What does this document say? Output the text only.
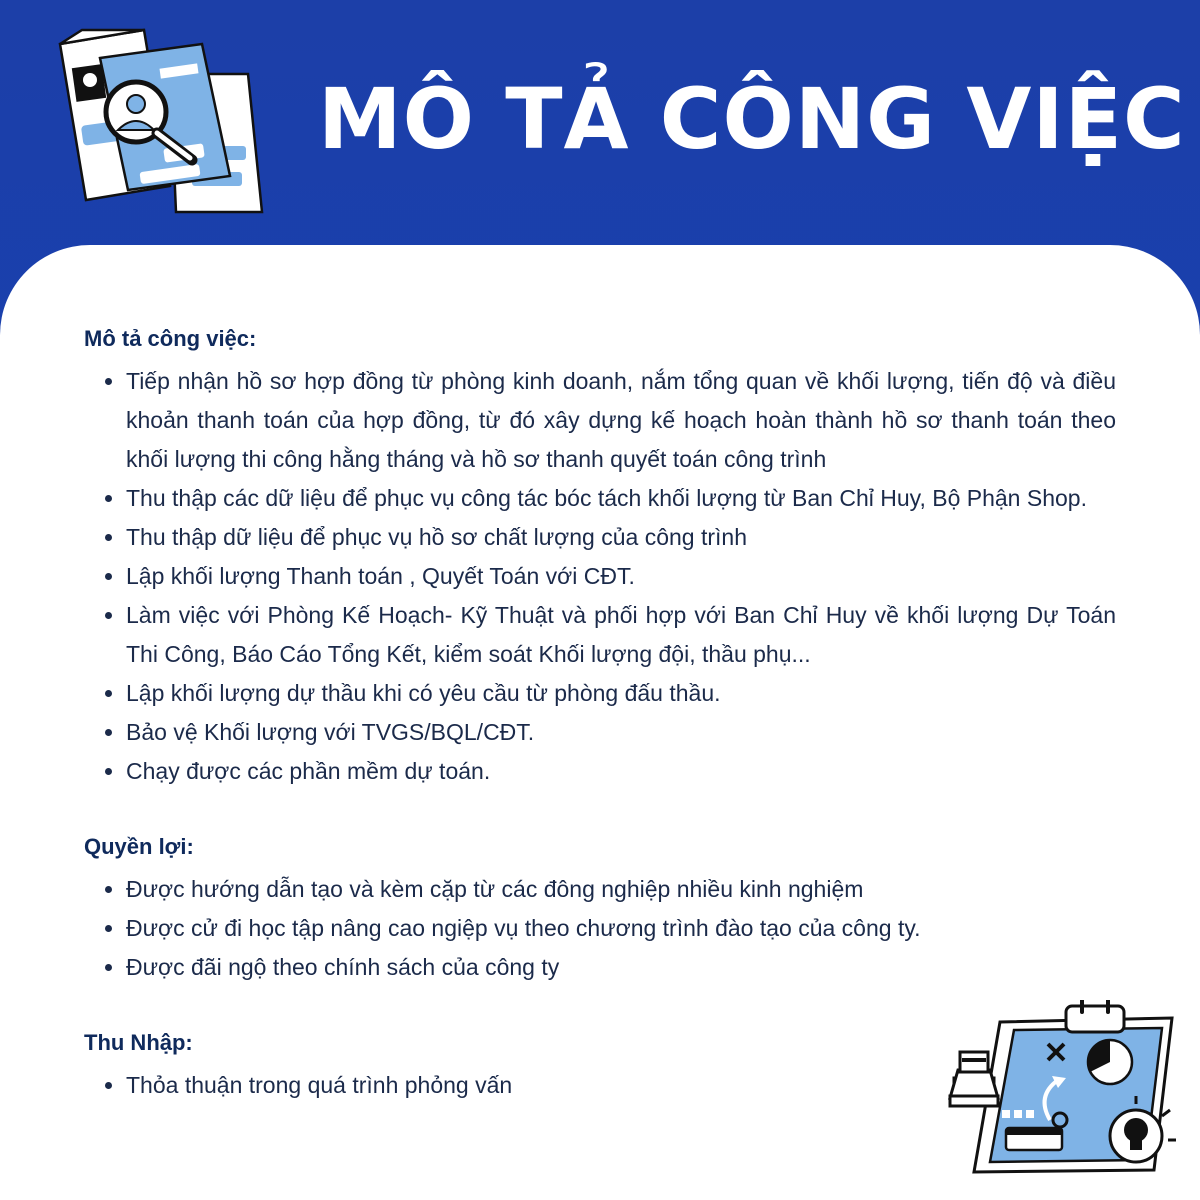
MÔ TẢ CÔNG VIỆC
Mô tả công việc:
• Tiếp nhận hồ sơ hợp đồng từ phòng kinh doanh, nắm tổng quan về khối lượng, tiến độ và điều khoản thanh toán của hợp đồng, từ đó xây dựng kế hoạch hoàn thành hồ sơ thanh toán theo khối lượng thi công hằng tháng và hồ sơ thanh quyết toán công trình
• Thu thập các dữ liệu để phục vụ công tác bóc tách khối lượng từ Ban Chỉ Huy, Bộ Phận Shop.
• Thu thập dữ liệu để phục vụ hồ sơ chất lượng của công trình
• Lập khối lượng Thanh toán , Quyết Toán với CĐT.
• Làm việc với Phòng Kế Hoạch- Kỹ Thuật và phối hợp với Ban Chỉ Huy về khối lượng Dự Toán Thi Công, Báo Cáo Tổng Kết, kiểm soát Khối lượng đội, thầu phụ...
• Lập khối lượng dự thầu khi có yêu cầu từ phòng đấu thầu.
• Bảo vệ Khối lượng với TVGS/BQL/CĐT.
• Chạy được các phần mềm dự toán.
Quyền lợi:
• Được hướng dẫn tạo và kèm cặp từ các đông nghiệp nhiều kinh nghiệm
• Được cử đi học tập nâng cao ngiệp vụ theo chương trình đào tạo của công ty.
• Được đãi ngộ theo chính sách của công ty
Thu Nhập:
• Thỏa thuận trong quá trình phỏng vấn
